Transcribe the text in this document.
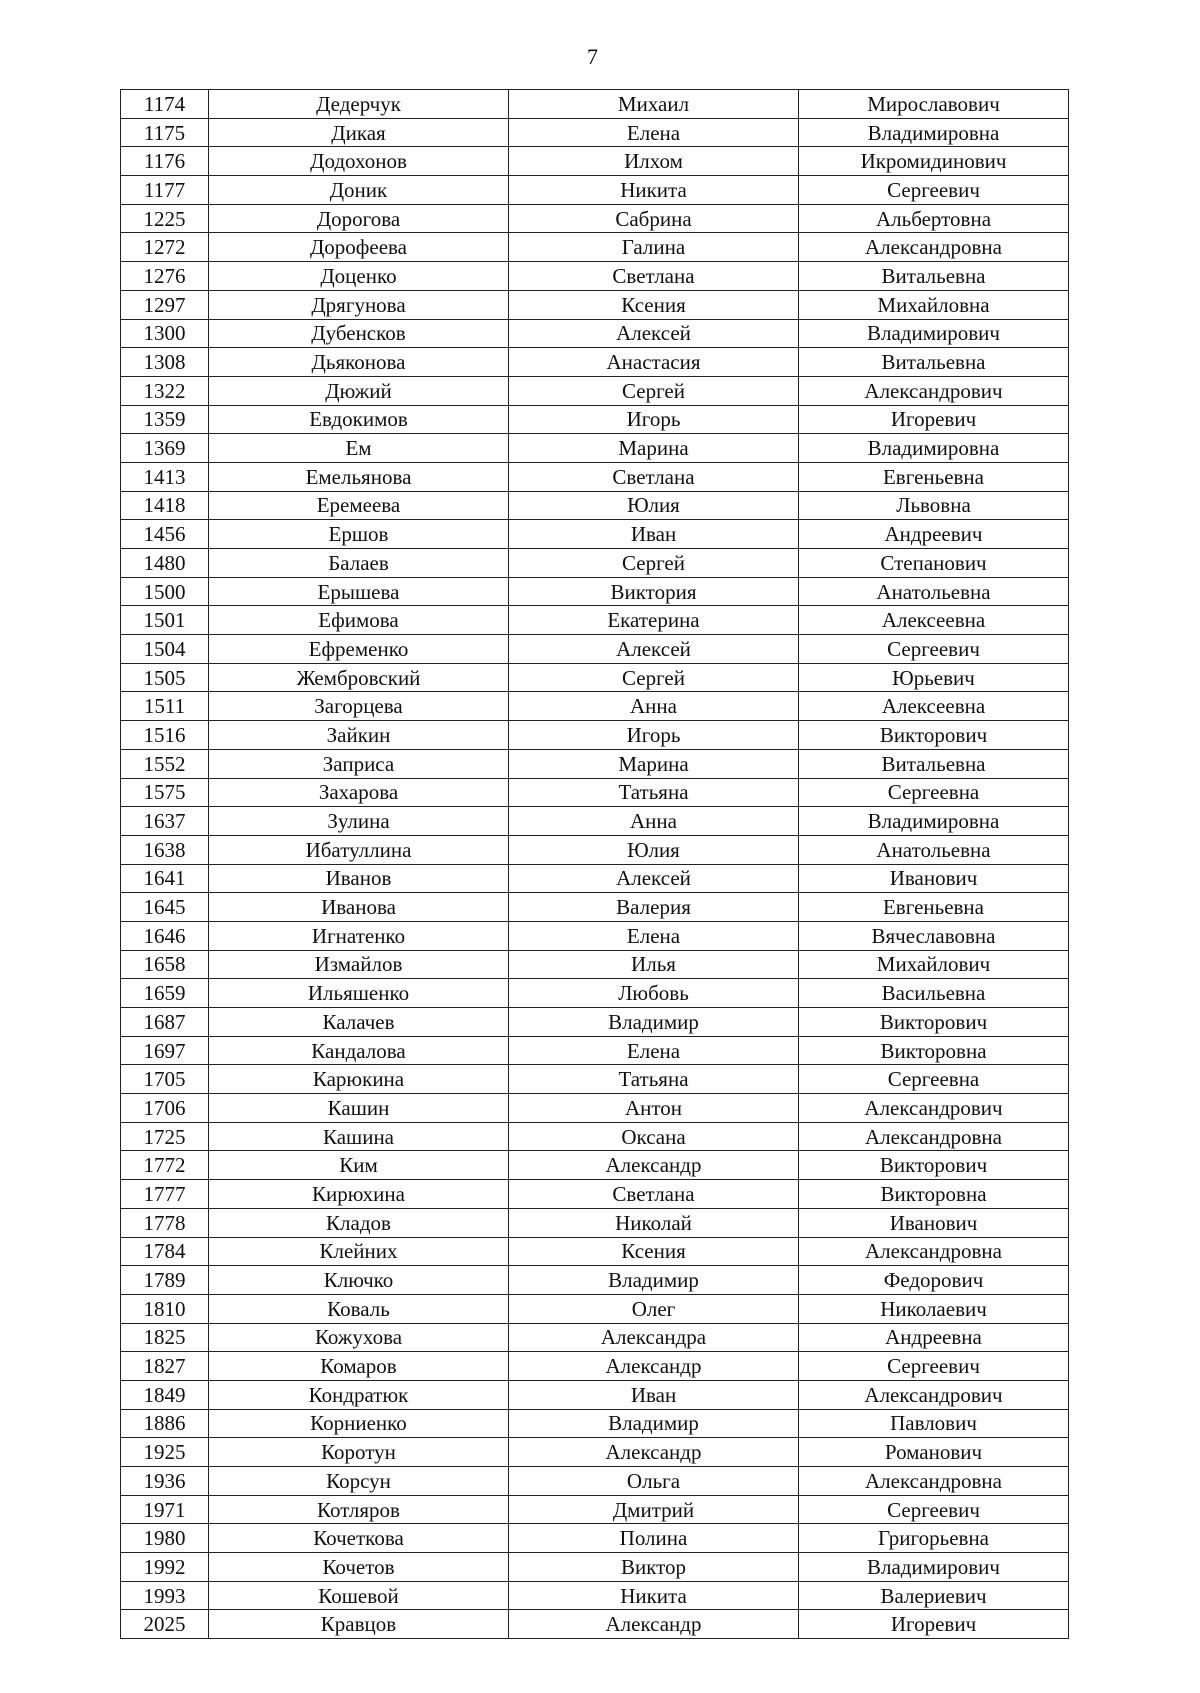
7
1174	Дедерчук	Михаил	Мирославович
1175	Дикая	Елена	Владимировна
1176	Додохонов	Илхом	Икромидинович
1177	Доник	Никита	Сергеевич
1225	Дорогова	Сабрина	Альбертовна
1272	Дорофеева	Галина	Александровна
1276	Доценко	Светлана	Витальевна
1297	Дрягунова	Ксения	Михайловна
1300	Дубенсков	Алексей	Владимирович
1308	Дьяконова	Анастасия	Витальевна
1322	Дюжий	Сергей	Александрович
1359	Евдокимов	Игорь	Игоревич
1369	Ем	Марина	Владимировна
1413	Емельянова	Светлана	Евгеньевна
1418	Еремеева	Юлия	Львовна
1456	Ершов	Иван	Андреевич
1480	Балаев	Сергей	Степанович
1500	Ерышева	Виктория	Анатольевна
1501	Ефимова	Екатерина	Алексеевна
1504	Ефременко	Алексей	Сергеевич
1505	Жембровский	Сергей	Юрьевич
1511	Загорцева	Анна	Алексеевна
1516	Зайкин	Игорь	Викторович
1552	Заприса	Марина	Витальевна
1575	Захарова	Татьяна	Сергеевна
1637	Зулина	Анна	Владимировна
1638	Ибатуллина	Юлия	Анатольевна
1641	Иванов	Алексей	Иванович
1645	Иванова	Валерия	Евгеньевна
1646	Игнатенко	Елена	Вячеславовна
1658	Измайлов	Илья	Михайлович
1659	Ильяшенко	Любовь	Васильевна
1687	Калачев	Владимир	Викторович
1697	Кандалова	Елена	Викторовна
1705	Карюкина	Татьяна	Сергеевна
1706	Кашин	Антон	Александрович
1725	Кашина	Оксана	Александровна
1772	Ким	Александр	Викторович
1777	Кирюхина	Светлана	Викторовна
1778	Кладов	Николай	Иванович
1784	Клейних	Ксения	Александровна
1789	Ключко	Владимир	Федорович
1810	Коваль	Олег	Николаевич
1825	Кожухова	Александра	Андреевна
1827	Комаров	Александр	Сергеевич
1849	Кондратюк	Иван	Александрович
1886	Корниенко	Владимир	Павлович
1925	Коротун	Александр	Романович
1936	Корсун	Ольга	Александровна
1971	Котляров	Дмитрий	Сергеевич
1980	Кочеткова	Полина	Григорьевна
1992	Кочетов	Виктор	Владимирович
1993	Кошевой	Никита	Валериевич
2025	Кравцов	Александр	Игоревич
